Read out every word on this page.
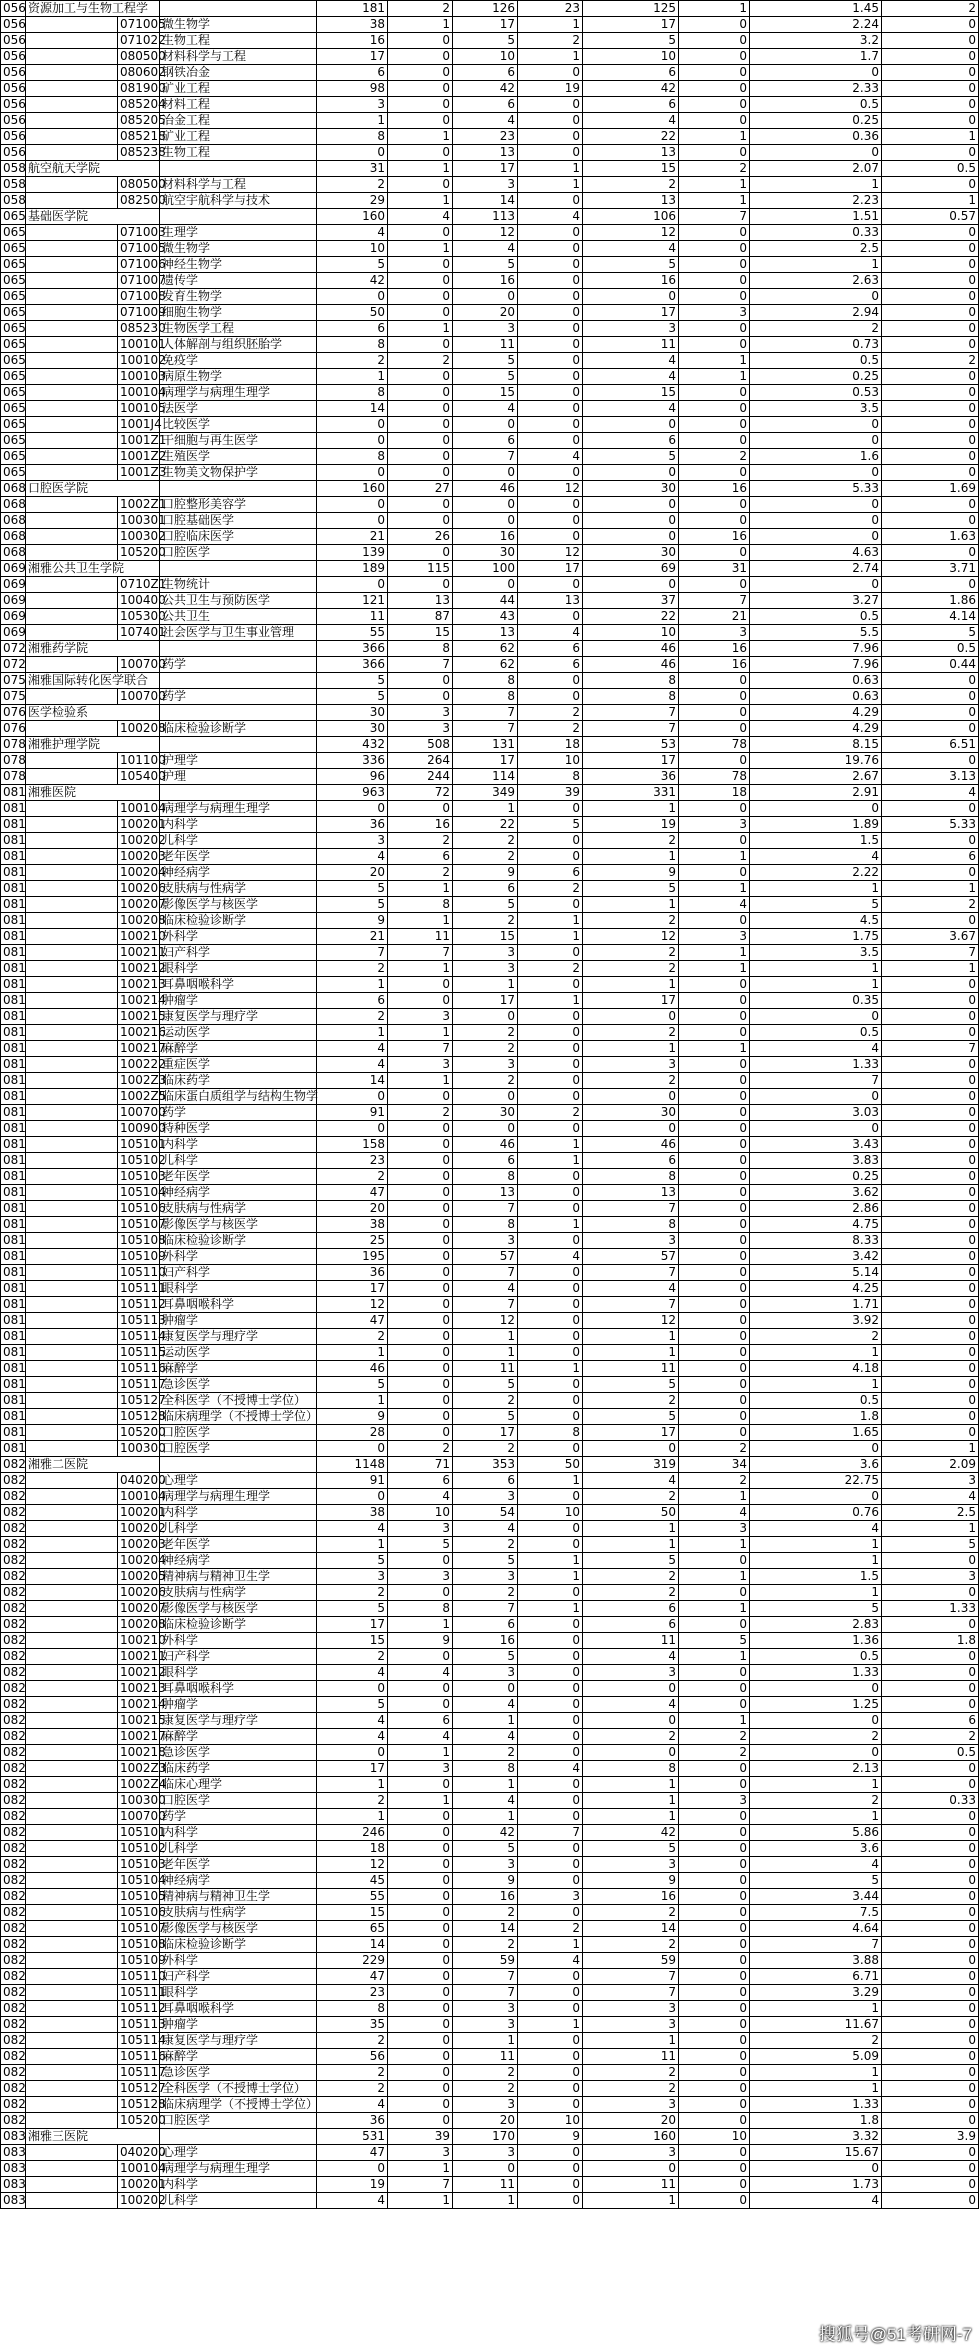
056	资源加工与生物工程学			181	2	126	23	125	1	1.45	2
056		071005	微生物学	38	1	17	1	17	0	2.24	0
056		071022	生物工程	16	0	5	2	5	0	3.2	0
056		080500	材料科学与工程	17	0	10	1	10	0	1.7	0
056		080602	钢铁冶金	6	0	6	0	6	0	0	0
056		081900	矿业工程	98	0	42	19	42	0	2.33	0
056		085204	材料工程	3	0	6	0	6	0	0.5	0
056		085205	冶金工程	1	0	4	0	4	0	0.25	0
056		085218	矿业工程	8	1	23	0	22	1	0.36	1
056		085238	生物工程	0	0	13	0	13	0	0	0
058	航空航天学院			31	1	17	1	15	2	2.07	0.5
058		080500	材料科学与工程	2	0	3	1	2	1	1	0
058		082500	航空宇航科学与技术	29	1	14	0	13	1	2.23	1
065	基础医学院			160	4	113	4	106	7	1.51	0.57
065		071003	生理学	4	0	12	0	12	0	0.33	0
065		071005	微生物学	10	1	4	0	4	0	2.5	0
065		071006	神经生物学	5	0	5	0	5	0	1	0
065		071007	遗传学	42	0	16	0	16	0	2.63	0
065		071008	发育生物学	0	0	0	0	0	0	0	0
065		071009	细胞生物学	50	0	20	0	17	3	2.94	0
065		085230	生物医学工程	6	1	3	0	3	0	2	0
065		100101	人体解剖与组织胚胎学	8	0	11	0	11	0	0.73	0
065		100102	免疫学	2	2	5	0	4	1	0.5	2
065		100103	病原生物学	1	0	5	0	4	1	0.25	0
065		100104	病理学与病理生理学	8	0	15	0	15	0	0.53	0
065		100105	法医学	14	0	4	0	4	0	3.5	0
065		1001J4	比较医学	0	0	0	0	0	0	0	0
065		1001Z1	干细胞与再生医学	0	0	6	0	6	0	0	0
065		1001Z2	生殖医学	8	0	7	4	5	2	1.6	0
065		1001Z3	生物美文物保护学	0	0	0	0	0	0	0	0
068	口腔医学院			160	27	46	12	30	16	5.33	1.69
068		1002Z1	口腔整形美容学	0	0	0	0	0	0	0	0
068		100301	口腔基础医学	0	0	0	0	0	0	0	0
068		100302	口腔临床医学	21	26	16	0	0	16	0	1.63
068		105200	口腔医学	139	0	30	12	30	0	4.63	0
069	湘雅公共卫生学院			189	115	100	17	69	31	2.74	3.71
069		0710Z1	生物统计	0	0	0	0	0	0	0	0
069		100400	公共卫生与预防医学	121	13	44	13	37	7	3.27	1.86
069		105300	公共卫生	11	87	43	0	22	21	0.5	4.14
069		107401	社会医学与卫生事业管理	55	15	13	4	10	3	5.5	5
072	湘雅药学院			366	8	62	6	46	16	7.96	0.5
072		100700	药学	366	7	62	6	46	16	7.96	0.44
075	湘雅国际转化医学联合			5	0	8	0	8	0	0.63	0
075		100700	药学	5	0	8	0	8	0	0.63	0
076	医学检验系			30	3	7	2	7	0	4.29	0
076		100208	临床检验诊断学	30	3	7	2	7	0	4.29	0
078	湘雅护理学院			432	508	131	18	53	78	8.15	6.51
078		101100	护理学	336	264	17	10	17	0	19.76	0
078		105400	护理	96	244	114	8	36	78	2.67	3.13
081	湘雅医院			963	72	349	39	331	18	2.91	4
081		100104	病理学与病理生理学	0	0	1	0	1	0	0	0
081		100201	内科学	36	16	22	5	19	3	1.89	5.33
081		100202	儿科学	3	2	2	0	2	0	1.5	0
081		100203	老年医学	4	6	2	0	1	1	4	6
081		100204	神经病学	20	2	9	6	9	0	2.22	0
081		100206	皮肤病与性病学	5	1	6	2	5	1	1	1
081		100207	影像医学与核医学	5	8	5	0	1	4	5	2
081		100208	临床检验诊断学	9	1	2	1	2	0	4.5	0
081		100210	外科学	21	11	15	1	12	3	1.75	3.67
081		100211	妇产科学	7	7	3	0	2	1	3.5	7
081		100212	眼科学	2	1	3	2	2	1	1	1
081		100213	耳鼻咽喉科学	1	0	1	0	1	0	1	0
081		100214	肿瘤学	6	0	17	1	17	0	0.35	0
081		100215	康复医学与理疗学	2	3	0	0	0	0	0	0
081		100216	运动医学	1	1	2	0	2	0	0.5	0
081		100217	麻醉学	4	7	2	0	1	1	4	7
081		100222	重症医学	4	3	3	0	3	0	1.33	0
081		1002Z3	临床药学	14	1	2	0	2	0	7	0
081		1002Z5	临床蛋白质组学与结构生物学	0	0	0	0	0	0	0	0
081		100700	药学	91	2	30	2	30	0	3.03	0
081		100900	特种医学	0	0	0	0	0	0	0	0
081		105101	内科学	158	0	46	1	46	0	3.43	0
081		105102	儿科学	23	0	6	1	6	0	3.83	0
081		105103	老年医学	2	0	8	0	8	0	0.25	0
081		105104	神经病学	47	0	13	0	13	0	3.62	0
081		105106	皮肤病与性病学	20	0	7	0	7	0	2.86	0
081		105107	影像医学与核医学	38	0	8	1	8	0	4.75	0
081		105108	临床检验诊断学	25	0	3	0	3	0	8.33	0
081		105109	外科学	195	0	57	4	57	0	3.42	0
081		105110	妇产科学	36	0	7	0	7	0	5.14	0
081		105111	眼科学	17	0	4	0	4	0	4.25	0
081		105112	耳鼻咽喉科学	12	0	7	0	7	0	1.71	0
081		105113	肿瘤学	47	0	12	0	12	0	3.92	0
081		105114	康复医学与理疗学	2	0	1	0	1	0	2	0
081		105115	运动医学	1	0	1	0	1	0	1	0
081		105116	麻醉学	46	0	11	1	11	0	4.18	0
081		105117	急诊医学	5	0	5	0	5	0	1	0
081		105127	全科医学（不授博士学位）	1	0	2	0	2	0	0.5	0
081		105128	临床病理学（不授博士学位）	9	0	5	0	5	0	1.8	0
081		105200	口腔医学	28	0	17	8	17	0	1.65	0
081		100300	口腔医学	0	2	2	0	0	2	0	1
082	湘雅二医院			1148	71	353	50	319	34	3.6	2.09
082		040200	心理学	91	6	6	1	4	2	22.75	3
082		100104	病理学与病理生理学	0	4	3	0	2	1	0	4
082		100201	内科学	38	10	54	10	50	4	0.76	2.5
082		100202	儿科学	4	3	4	0	1	3	4	1
082		100203	老年医学	1	5	2	0	1	1	1	5
082		100204	神经病学	5	0	5	1	5	0	1	0
082		100205	精神病与精神卫生学	3	3	3	1	2	1	1.5	3
082		100206	皮肤病与性病学	2	0	2	0	2	0	1	0
082		100207	影像医学与核医学	5	8	7	1	6	1	5	1.33
082		100208	临床检验诊断学	17	1	6	0	6	0	2.83	0
082		100210	外科学	15	9	16	0	11	5	1.36	1.8
082		100211	妇产科学	2	0	5	0	4	1	0.5	0
082		100212	眼科学	4	4	3	0	3	0	1.33	0
082		100213	耳鼻咽喉科学	0	0	0	0	0	0	0	0
082		100214	肿瘤学	5	0	4	0	4	0	1.25	0
082		100215	康复医学与理疗学	4	6	1	0	0	1	0	6
082		100217	麻醉学	4	4	4	0	2	2	2	2
082		100218	急诊医学	0	1	2	0	0	2	0	0.5
082		1002Z3	临床药学	17	3	8	4	8	0	2.13	0
082		1002Z4	临床心理学	1	0	1	0	1	0	1	0
082		100300	口腔医学	2	1	4	0	1	3	2	0.33
082		100700	药学	1	0	1	0	1	0	1	0
082		105101	内科学	246	0	42	7	42	0	5.86	0
082		105102	儿科学	18	0	5	0	5	0	3.6	0
082		105103	老年医学	12	0	3	0	3	0	4	0
082		105104	神经病学	45	0	9	0	9	0	5	0
082		105105	精神病与精神卫生学	55	0	16	3	16	0	3.44	0
082		105106	皮肤病与性病学	15	0	2	0	2	0	7.5	0
082		105107	影像医学与核医学	65	0	14	2	14	0	4.64	0
082		105108	临床检验诊断学	14	0	2	1	2	0	7	0
082		105109	外科学	229	0	59	4	59	0	3.88	0
082		105110	妇产科学	47	0	7	0	7	0	6.71	0
082		105111	眼科学	23	0	7	0	7	0	3.29	0
082		105112	耳鼻咽喉科学	8	0	3	0	3	0	1	0
082		105113	肿瘤学	35	0	3	1	3	0	11.67	0
082		105114	康复医学与理疗学	2	0	1	0	1	0	2	0
082		105116	麻醉学	56	0	11	0	11	0	5.09	0
082		105117	急诊医学	2	0	2	0	2	0	1	0
082		105127	全科医学（不授博士学位）	2	0	2	0	2	0	1	0
082		105128	临床病理学（不授博士学位）	4	0	3	0	3	0	1.33	0
082		105200	口腔医学	36	0	20	10	20	0	1.8	0
083	湘雅三医院			531	39	170	9	160	10	3.32	3.9
083		040200	心理学	47	3	3	0	3	0	15.67	0
083		100104	病理学与病理生理学	0	1	0	0	0	0	0	0
083		100201	内科学	19	7	11	0	11	0	1.73	0
083		100202	儿科学	4	1	1	0	1	0	4	0
搜狐号@51考研网-7
